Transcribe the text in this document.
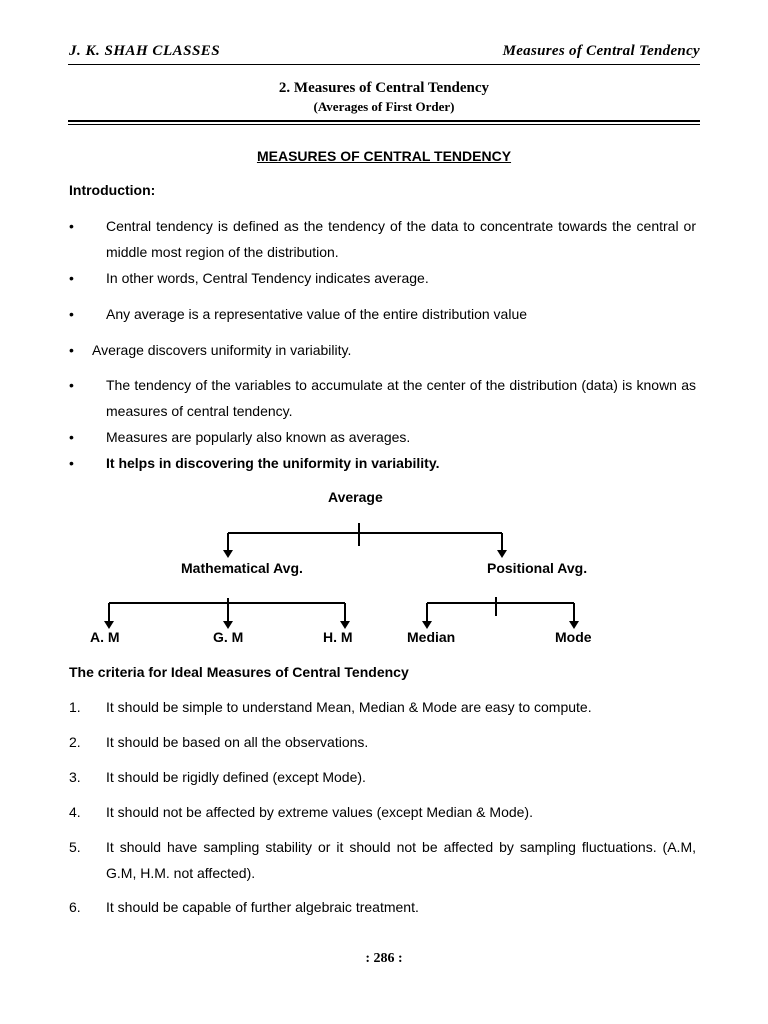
J. K. SHAH CLASSES	Measures of Central Tendency
2. Measures of Central Tendency
(Averages of First Order)
MEASURES OF CENTRAL TENDENCY
Introduction:
• Central tendency is defined as the tendency of the data to concentrate towards the central or middle most region of the distribution.
• In other words, Central Tendency indicates average.
• Any average is a representative value of the entire distribution value
• Average discovers uniformity in variability.
• The tendency of the variables to accumulate at the center of the distribution (data) is known as measures of central tendency.
• Measures are popularly also known as averages.
• It helps in discovering the uniformity in variability.
Average
Mathematical Avg.	Positional Avg.
A. M	G. M	H. M	Median	Mode
The criteria for Ideal Measures of Central Tendency
1. It should be simple to understand Mean, Median & Mode are easy to compute.
2. It should be based on all the observations.
3. It should be rigidly defined (except Mode).
4. It should not be affected by extreme values (except Median & Mode).
5. It should have sampling stability or it should not be affected by sampling fluctuations. (A.M, G.M, H.M. not affected).
6. It should be capable of further algebraic treatment.
: 286 :
